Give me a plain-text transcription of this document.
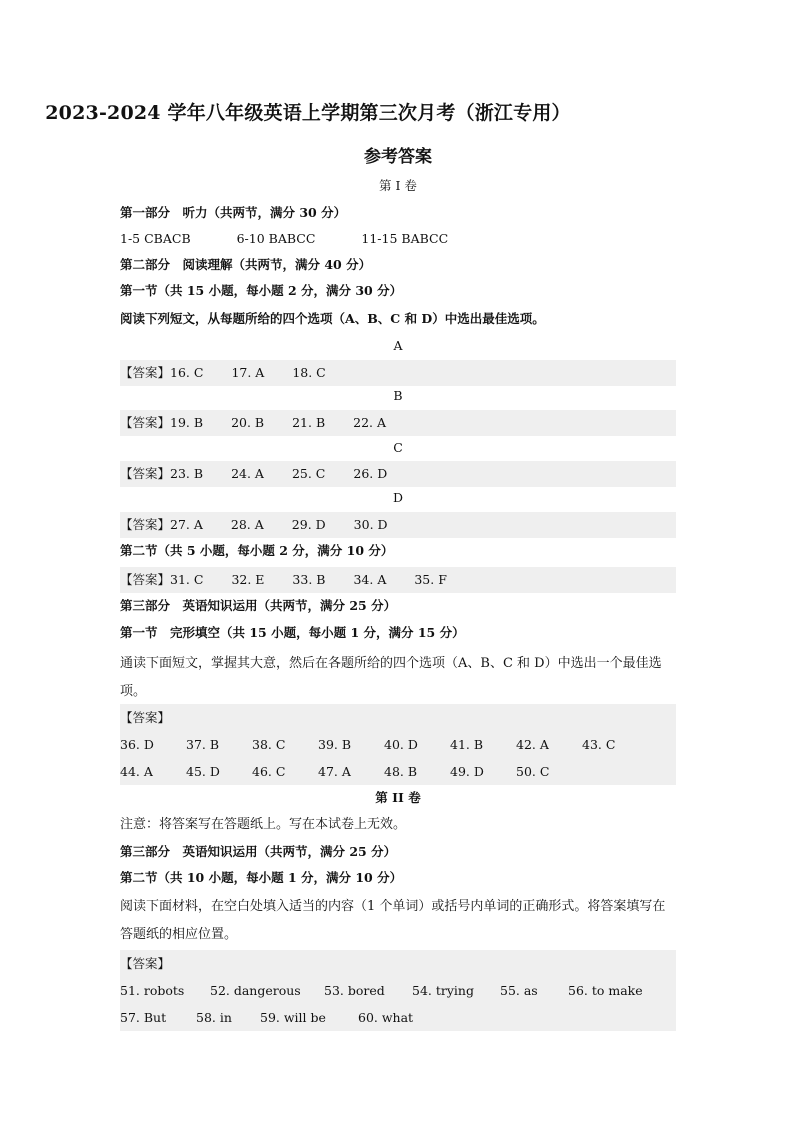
2023-2024 学年八年级英语上学期第三次月考（浙江专用）
参考答案
第 I 卷
第一部分　听力（共两节，满分 30 分）
1-5 CBACB	6-10 BABCC	11-15 BABCC
第二部分　阅读理解（共两节，满分 40 分）
第一节（共 15 小题，每小题 2 分，满分 30 分）
阅读下列短文，从每题所给的四个选项（A、B、C 和 D）中选出最佳选项。
A
【答案】16. C 17. A 18. C
B
【答案】19. B 20. B 21. B 22. A
C
【答案】23. B 24. A 25. C 26. D
D
【答案】27. A 28. A 29. D 30. D
第二节（共 5 小题，每小题 2 分，满分 10 分）
【答案】31. C 32. E 33. B 34. A 35. F
第三部分　英语知识运用（共两节，满分 25 分）
第一节　完形填空（共 15 小题，每小题 1 分，满分 15 分）
通读下面短文，掌握其大意，然后在各题所给的四个选项（A、B、C 和 D）中选出一个最佳选项。
【答案】
36. D	37. B	38. C	39. B	40. D	41. B	42. A	43. C
44. A	45. D	46. C	47. A	48. B	49. D	50. C
第 II 卷
注意：将答案写在答题纸上。写在本试卷上无效。
第三部分　英语知识运用（共两节，满分 25 分）
第二节（共 10 小题，每小题 1 分，满分 10 分）
阅读下面材料，在空白处填入适当的内容（1 个单词）或括号内单词的正确形式。将答案填写在答题纸的相应位置。
【答案】
51. robots 52. dangerous 53. bored 54. trying 55. as 56. to make
57. But 58. in 59. will be	60. what
